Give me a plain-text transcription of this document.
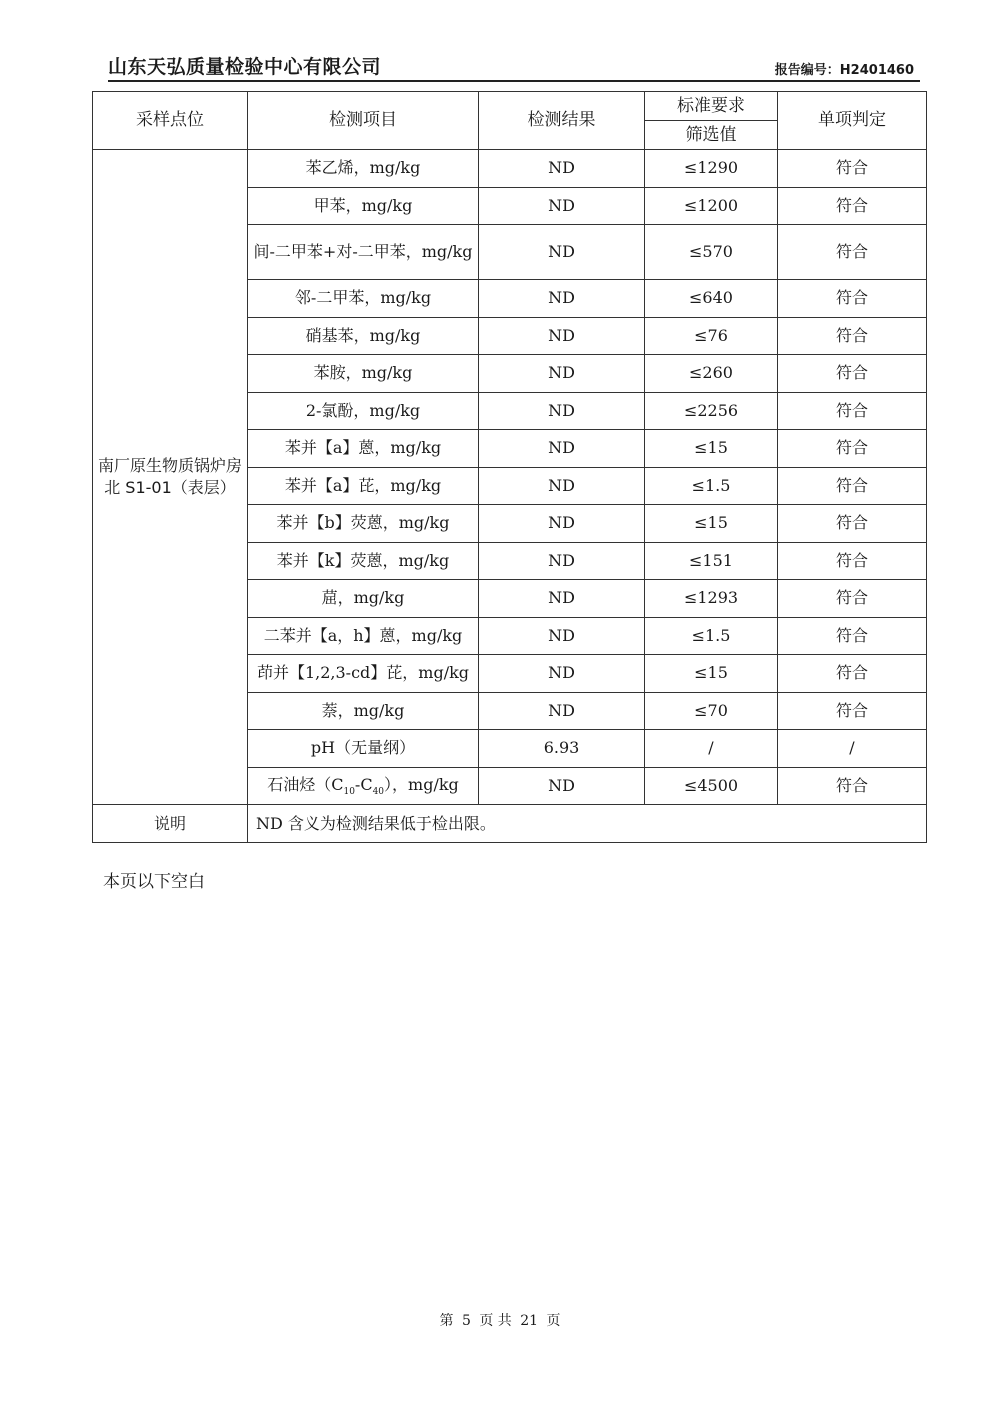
山东天弘质量检验中心有限公司	报告编号：H2401460
采样点位	检测项目	检测结果	标准要求	单项判定
			筛选值	
南厂原生物质锅炉房北 S1-01（表层）	苯乙烯，mg/kg	ND	≤1290	符合
	甲苯，mg/kg	ND	≤1200	符合
	间-二甲苯+对-二甲苯，mg/kg	ND	≤570	符合
	邻-二甲苯，mg/kg	ND	≤640	符合
	硝基苯，mg/kg	ND	≤76	符合
	苯胺，mg/kg	ND	≤260	符合
	2-氯酚，mg/kg	ND	≤2256	符合
	苯并【a】蒽，mg/kg	ND	≤15	符合
	苯并【a】芘，mg/kg	ND	≤1.5	符合
	苯并【b】荧蒽，mg/kg	ND	≤15	符合
	苯并【k】荧蒽，mg/kg	ND	≤151	符合
	䓛，mg/kg	ND	≤1293	符合
	二苯并【a，h】蒽，mg/kg	ND	≤1.5	符合
	茚并【1,2,3-cd】芘，mg/kg	ND	≤15	符合
	萘，mg/kg	ND	≤70	符合
	pH（无量纲）	6.93	/	/
	石油烃$(C_{10}-C_{40})$，mg/kg	ND	≤4500	符合
说明	ND 含义为检测结果低于检出限。			
本页以下空白
第 5 页 共 21 页
